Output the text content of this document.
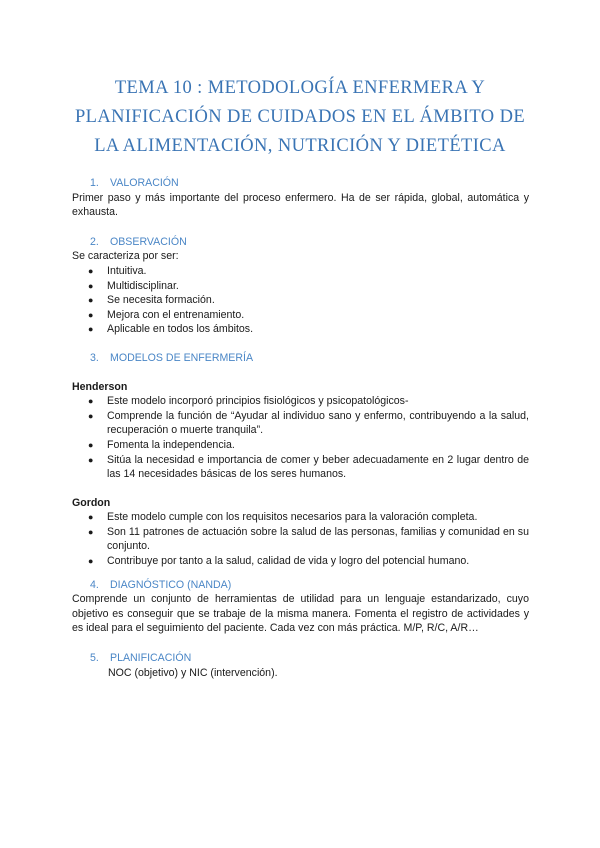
TEMA 10 : METODOLOGÍA ENFERMERA Y PLANIFICACIÓN DE CUIDADOS EN EL ÁMBITO DE LA ALIMENTACIÓN, NUTRICIÓN Y DIETÉTICA
1. VALORACIÓN
Primer paso y más importante del proceso enfermero. Ha de ser rápida, global, automática y exhausta.
2. OBSERVACIÓN
Se caracteriza por ser:
● Intuitiva.
● Multidisciplinar.
● Se necesita formación.
● Mejora con el entrenamiento.
● Aplicable en todos los ámbitos.
3. MODELOS DE ENFERMERÍA
Henderson
● Este modelo incorporó principios fisiológicos y psicopatológicos-
● Comprende la función de “Ayudar al individuo sano y enfermo, contribuyendo a la salud, recuperación o muerte tranquila”.
● Fomenta la independencia.
● Sitúa la necesidad e importancia de comer y beber adecuadamente en 2 lugar dentro de las 14 necesidades básicas de los seres humanos.
Gordon
● Este modelo cumple con los requisitos necesarios para la valoración completa.
● Son 11 patrones de actuación sobre la salud de las personas, familias y comunidad en su conjunto.
● Contribuye por tanto a la salud, calidad de vida y logro del potencial humano.
4. DIAGNÓSTICO (NANDA)
Comprende un conjunto de herramientas de utilidad para un lenguaje estandarizado, cuyo objetivo es conseguir que se trabaje de la misma manera. Fomenta el registro de actividades y es ideal para el seguimiento del paciente. Cada vez con más práctica. M/P, R/C, A/R…
5. PLANIFICACIÓN
NOC (objetivo) y NIC (intervención).
